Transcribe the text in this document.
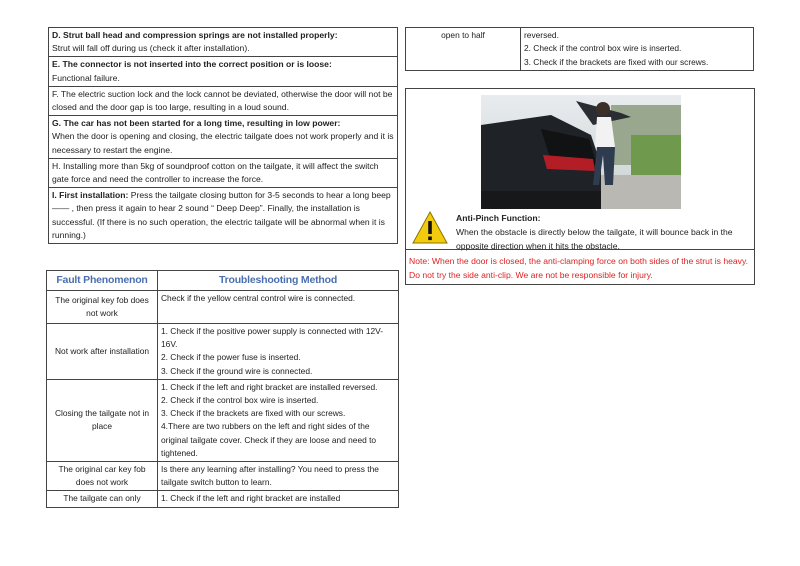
D. Strut ball head and compression springs are not installed properly:
Strut will fall off during us (check it after installation).
E. The connector is not inserted into the correct position or is loose:
Functional failure.
F. The electric suction lock and the lock cannot be deviated, otherwise the door will not be closed and the door gap is too large, resulting in a loud sound.
G. The car has not been started for a long time, resulting in low power:
When the door is opening and closing, the electric tailgate does not work properly and it is necessary to restart the engine.
H. Installing more than 5kg of soundproof cotton on the tailgate, it will affect the switch gate force and need the controller to increase the force.
I. First installation: Press the tailgate closing button for 3-5 seconds to hear a long beep —— , then press it again to hear 2 sound “ Deep Deep”. Finally, the installation is successful. (If there is no such operation, the electric tailgate will be abnormal when it is running.)
Fault Phenomenon	Troubleshooting Method
The original key fob does not work	Check if the yellow central control wire is connected.

Not work after installation	1. Check if the positive power supply is connected with 12V-16V.
2. Check if the power fuse is inserted.
3. Check if the ground wire is connected.

Closing the tailgate not in place	1. Check if the left and right bracket are installed reversed.
2. Check if the control box wire is inserted.
3. Check if the brackets are fixed with our screws.
4.There are two rubbers on the left and right sides of the original tailgate cover. Check if they are loose and need to tightened.

The original car key fob does not work	Is there any learning after installing? You need to press the tailgate switch button to learn.

The tailgate can only	1. Check if the left and right bracket are installed
open to half	reversed.
2. Check if the control box wire is inserted.
3. Check if the brackets are fixed with our screws.
Anti-Pinch Function:
When the obstacle is directly below the tailgate, it will bounce back in the opposite direction when it hits the obstacle.
Note: When the door is closed, the anti-clamping force on both sides of the strut is heavy. Do not try the side anti-clip. We are not be responsible for injury.
